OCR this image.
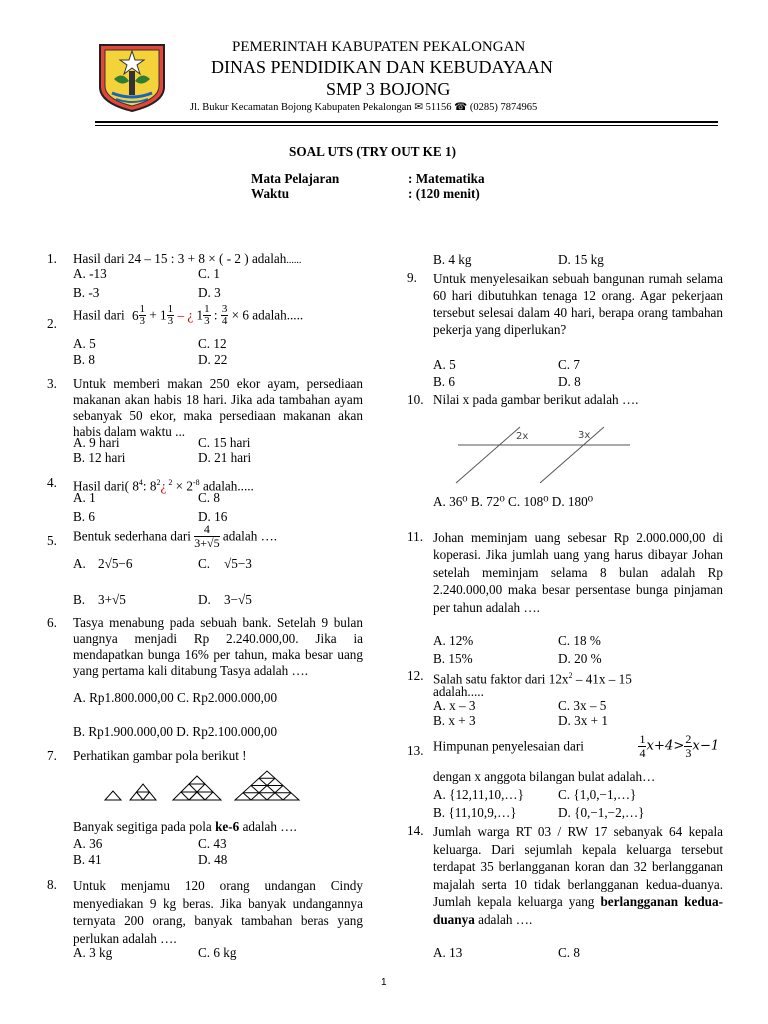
PEMERINTAH KABUPATEN PEKALONGAN
DINAS PENDIDIKAN DAN KEBUDAYAAN
SMP 3 BOJONG
Jl. Bukur Kecamatan Bojong Kabupaten Pekalongan ✉ 51156 ☎ (0285) 7874965
SOAL UTS (TRY OUT KE 1)
Mata Pelajaran	: Matematika
Waktu	: (120 menit)
1. Hasil dari 24 – 15 : 3 + 8 × ( - 2 ) adalah......
A. -13	C. 1
B. -3	D. 3
2.
Hasil dari $6 \frac{1}{3} + 1 \frac{1}{3}$ – ¿ $1 \frac{1}{3}$ : $\frac{3}{4} \times 6$ adalah.....
A. 5	C. 12
B. 8	D. 22
3. Untuk memberi makan 250 ekor ayam, persediaan makanan akan habis 18 hari. Jika ada tambahan ayam sebanyak 50 ekor, maka persediaan makanan akan habis dalam waktu ...
A. 9 hari	C. 15 hari
B. 12 hari	D. 21 hari
4. Hasil dari( $8^4$: $8^2¿$ $^2 \times 2^{-8}$ adalah.....
A. 1	C. 8
B. 6	D. 16
5. Bentuk sederhana dari $\frac{4}{3+√5}$ adalah ….
A. 2√5−6	C. √5−3
B. 3+√5	D. 3−√5
6. Tasya menabung pada sebuah bank. Setelah 9 bulan uangnya menjadi Rp 2.240.000,00. Jika ia mendapatkan bunga 16% per tahun, maka besar uang yang pertama kali ditabung Tasya adalah ….
A. Rp1.800.000,00 C. Rp2.000.000,00
B. Rp1.900.000,00 D. Rp2.100.000,00
7. Perhatikan gambar pola berikut !
Banyak segitiga pada pola ke-6 adalah ….
A. 36	C. 43
B. 41	D. 48
8. Untuk menjamu 120 orang undangan Cindy menyediakan 9 kg beras. Jika banyak undangannya ternyata 200 orang, banyak tambahan beras yang perlukan adalah ….
A. 3 kg	C. 6 kg
B. 4 kg	D. 15 kg
9. Untuk menyelesaikan sebuah bangunan rumah selama 60 hari dibutuhkan tenaga 12 orang. Agar pekerjaan tersebut selesai dalam 40 hari, berapa orang tambahan pekerja yang diperlukan?
A. 5	C. 7
B. 6	D. 8
10. Nilai x pada gambar berikut adalah ….
2x	3x
A. 36⁰ B. 72⁰ C. 108⁰ D. 180⁰
11. Johan meminjam uang sebesar Rp 2.000.000,00 di koperasi. Jika jumlah uang yang harus dibayar Johan setelah meminjam selama 8 bulan adalah Rp 2.240.000,00 maka besar persentase bunga pinjaman per tahun adalah ….
A. 12%	C. 18 %
B. 15%	D. 20 %
12. Salah satu faktor dari $12x^2 - 41x - 15$
adalah.....
A. x – 3	C. 3x – 5
B. x + 3	D. 3x + 1
13. Himpunan penyelesaian dari	$\frac{1}{4} x+4> \frac{2}{3} x-1$
dengan x anggota bilangan bulat adalah…
A. {12,11,10,…}	C. {1,0,−1,…}
B. {11,10,9,…}	D. {0,−1,−2,…}
14. Jumlah warga RT 03 / RW 17 sebanyak 64 kepala keluarga. Dari sejumlah kepala keluarga tersebut terdapat 35 berlangganan koran dan 32 berlangganan majalah serta 10 tidak berlangganan kedua-duanya. Jumlah kepala keluarga yang berlangganan kedua-duanya adalah ….
A. 13	C. 8
1
